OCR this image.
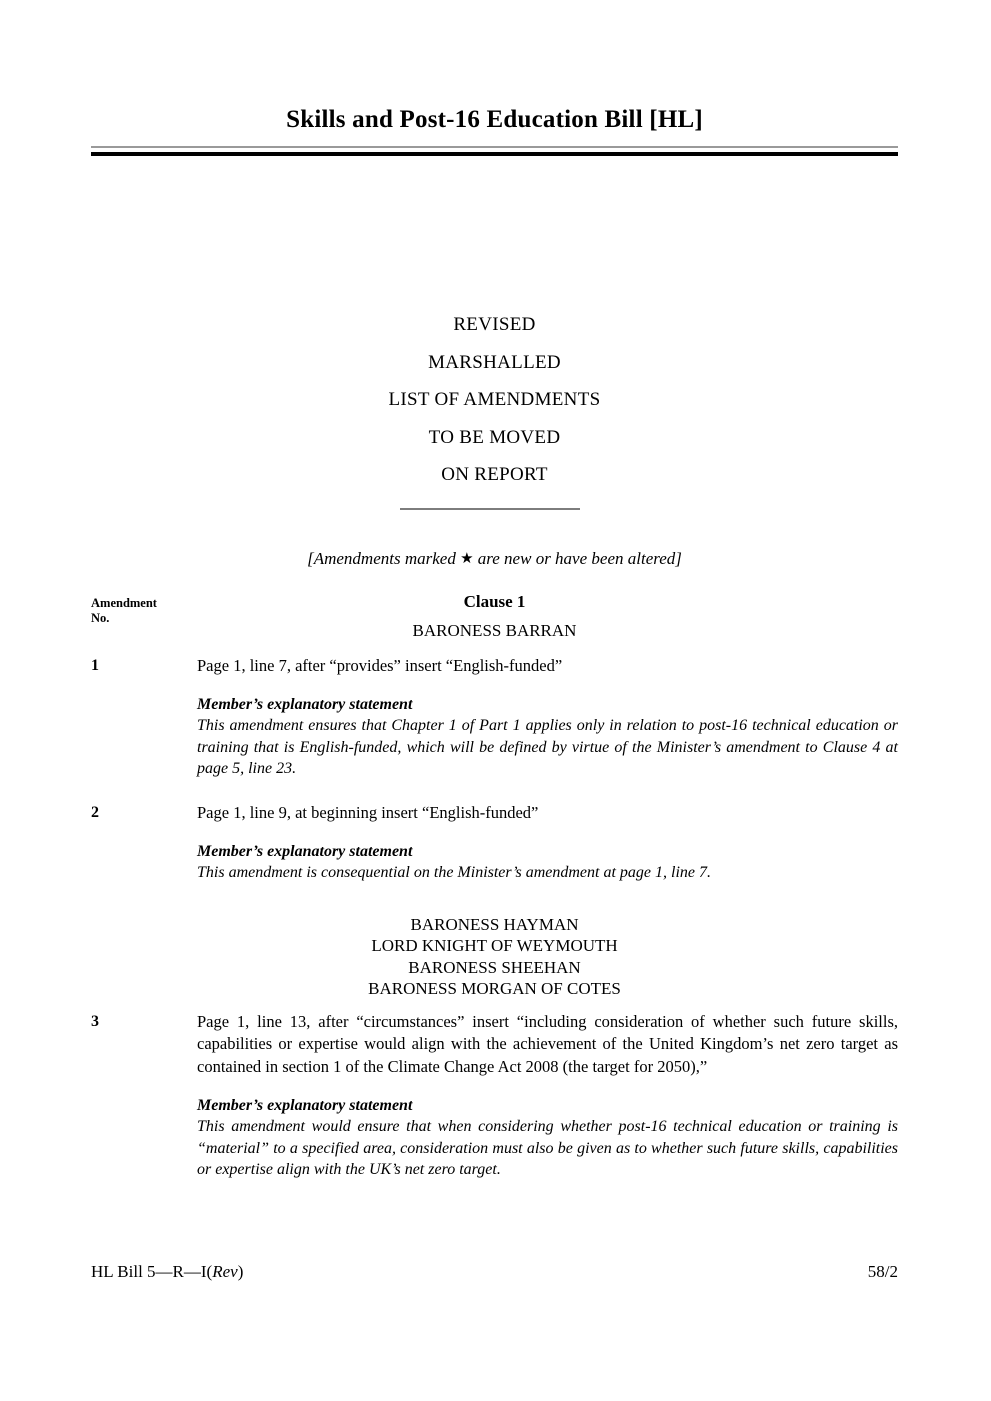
Skills and Post-16 Education Bill [HL]
REVISED
MARSHALLED
LIST OF AMENDMENTS
TO BE MOVED
ON REPORT
[Amendments marked ★ are new or have been altered]
Amendment
No.
Clause 1
BARONESS BARRAN
1	Page 1, line 7, after “provides” insert “English-funded”
Member’s explanatory statement
This amendment ensures that Chapter 1 of Part 1 applies only in relation to post-16 technical education or training that is English-funded, which will be defined by virtue of the Minister’s amendment to Clause 4 at page 5, line 23.
2	Page 1, line 9, at beginning insert “English-funded”
Member’s explanatory statement
This amendment is consequential on the Minister’s amendment at page 1, line 7.
BARONESS HAYMAN
LORD KNIGHT OF WEYMOUTH
BARONESS SHEEHAN
BARONESS MORGAN OF COTES
3	Page 1, line 13, after “circumstances” insert “including consideration of whether such future skills, capabilities or expertise would align with the achievement of the United Kingdom’s net zero target as contained in section 1 of the Climate Change Act 2008 (the target for 2050),”
Member’s explanatory statement
This amendment would ensure that when considering whether post-16 technical education or training is “material” to a specified area, consideration must also be given as to whether such future skills, capabilities or expertise align with the UK’s net zero target.
HL Bill 5—R—I(Rev)	58/2
